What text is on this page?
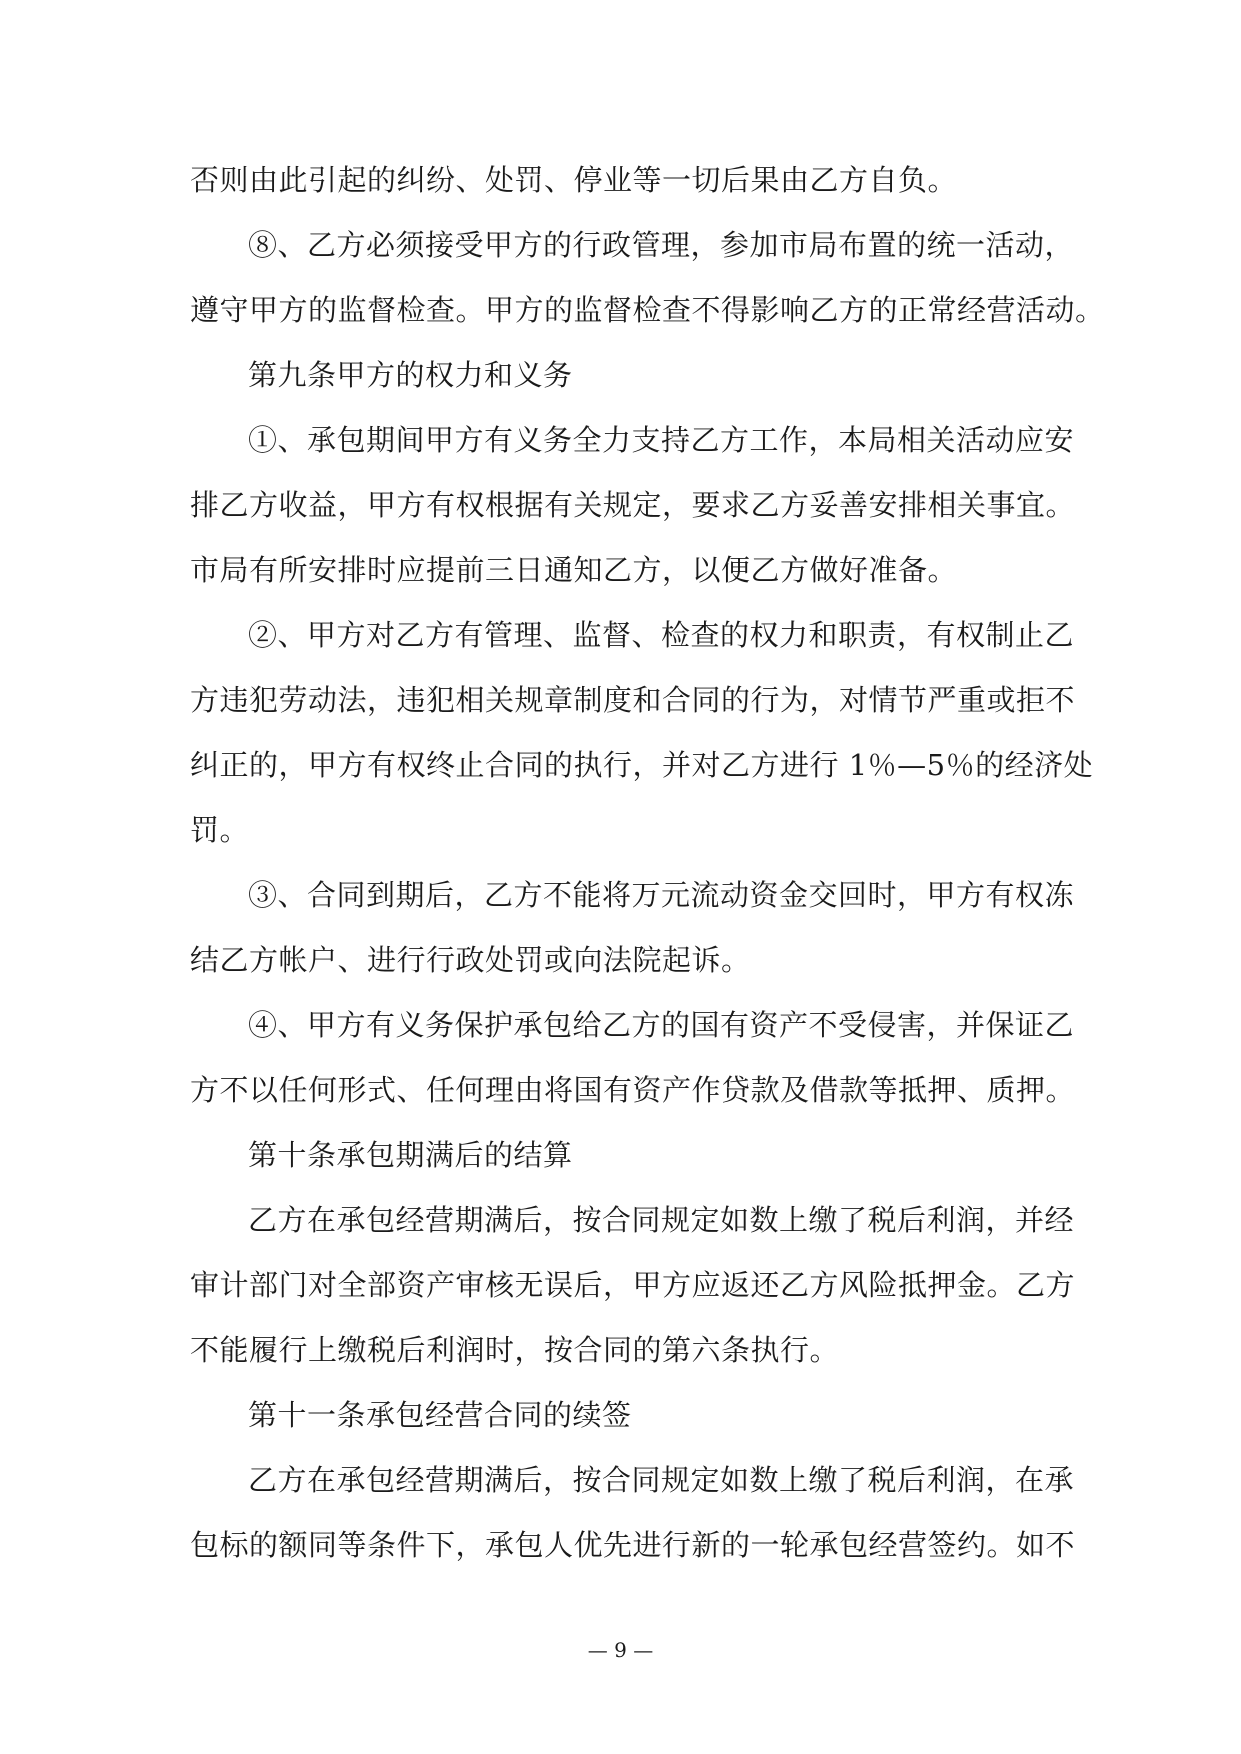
否则由此引起的纠纷、处罚、停业等一切后果由乙方自负。
⑧、乙方必须接受甲方的行政管理，参加市局布置的统一活动，
遵守甲方的监督检查。甲方的监督检查不得影响乙方的正常经营活动。
第九条甲方的权力和义务
①、承包期间甲方有义务全力支持乙方工作，本局相关活动应安
排乙方收益，甲方有权根据有关规定，要求乙方妥善安排相关事宜。
市局有所安排时应提前三日通知乙方，以便乙方做好准备。
②、甲方对乙方有管理、监督、检查的权力和职责，有权制止乙
方违犯劳动法，违犯相关规章制度和合同的行为，对情节严重或拒不
纠正的，甲方有权终止合同的执行，并对乙方进行 1％—5％的经济处
罚。
③、合同到期后，乙方不能将万元流动资金交回时，甲方有权冻
结乙方帐户、进行行政处罚或向法院起诉。
④、甲方有义务保护承包给乙方的国有资产不受侵害，并保证乙
方不以任何形式、任何理由将国有资产作贷款及借款等抵押、质押。
第十条承包期满后的结算
乙方在承包经营期满后，按合同规定如数上缴了税后利润，并经
审计部门对全部资产审核无误后，甲方应返还乙方风险抵押金。乙方
不能履行上缴税后利润时，按合同的第六条执行。
第十一条承包经营合同的续签
乙方在承包经营期满后，按合同规定如数上缴了税后利润，在承
包标的额同等条件下，承包人优先进行新的一轮承包经营签约。如不
— 9 —
